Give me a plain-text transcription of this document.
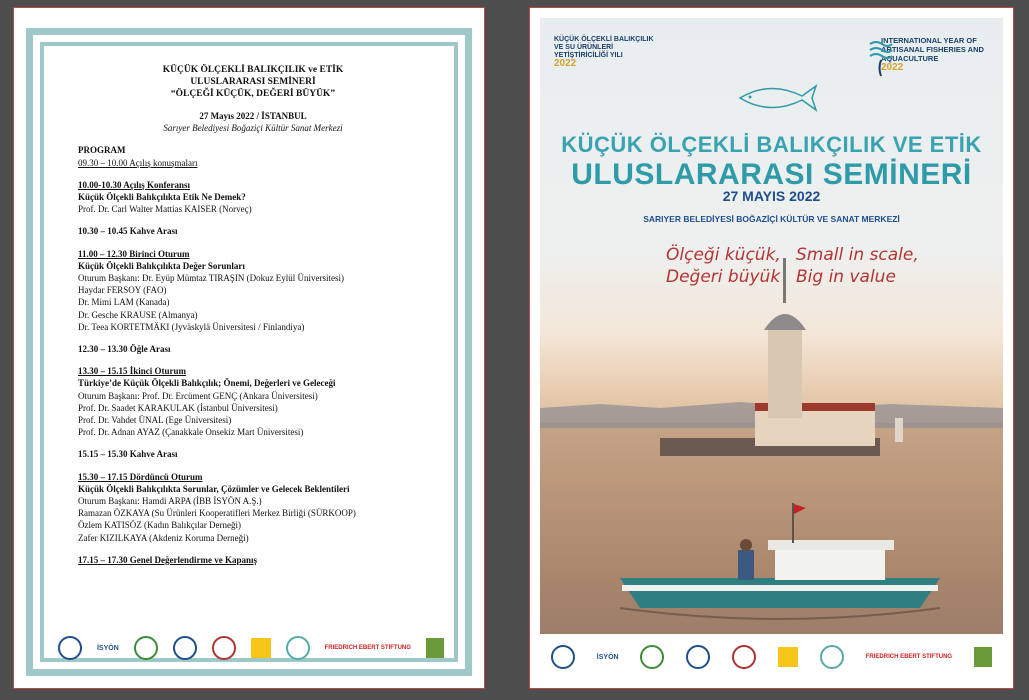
KÜÇÜK ÖLÇEKLİ BALIKÇILIK ve ETİK
ULUSLARARASI SEMİNERİ
“ÖLÇEĞİ KÜÇÜK, DEĞERİ BÜYÜK”
27 Mayıs 2022 / İSTANBUL
Sarıyer Belediyesi Boğaziçi Kültür Sanat Merkezi
PROGRAM
09.30 – 10.00 Açılış konuşmaları
10.00-10.30 Açılış Konferansı
Küçük Ölçekli Balıkçılıkta Etik Ne Demek?
Prof. Dr. Carl Walter Mattias KAISER (Norveç)
10.30 – 10.45 Kahve Arası
11.00 – 12.30 Birinci Oturum
Küçük Ölçekli Balıkçılıkta Değer Sorunları
Oturum Başkanı: Dr. Eyüp Mümtaz TIRAŞIN (Dokuz Eylül Üniversitesi)
Haydar FERSOY (FAO)
Dr. Mimi LAM (Kanada)
Dr. Gesche KRAUSE (Almanya)
Dr. Teea KORTETMÄKI (Jyväskylä Üniversitesi / Finlandiya)
12.30 – 13.30 Öğle Arası
13.30 – 15.15 İkinci Oturum
Türkiye’de Küçük Ölçekli Balıkçılık; Önemi, Değerleri ve Geleceği
Oturum Başkanı: Prof. Dr. Ercüment GENÇ (Ankara Üniversitesi)
Prof. Dr. Saadet KARAKULAK (İstanbul Üniversitesi)
Prof. Dr. Vahdet ÜNAL (Ege Üniversitesi)
Prof. Dr. Adnan AYAZ (Çanakkale Onsekiz Mart Üniversitesi)
15.15 – 15.30 Kahve Arası
15.30 – 17.15 Dördüncü Oturum
Küçük Ölçekli Balıkçılıkta Sorunlar, Çözümler ve Gelecek Beklentileri
Oturum Başkanı: Hamdi ARPA (İBB İSYÖN A.Ş.)
Ramazan ÖZKAYA (Su Ürünleri Kooperatifleri Merkez Birliği (SÜRKOOP)
Özlem KATISÖZ (Kadın Balıkçılar Derneği)
Zafer KIZILKAYA (Akdeniz Koruma Derneği)
17.15 – 17.30 Genel Değerlendirme ve Kapanış
İSYÖN	FRIEDRICH EBERT STIFTUNG
KÜÇÜK ÖLÇEKLİ BALIKÇILIK VE SU ÜRÜNLERİ YETİŞTİRİCİLİĞİ YILI
2022
INTERNATIONAL YEAR OF ARTISANAL FISHERIES AND AQUACULTURE
2022
KÜÇÜK ÖLÇEKLİ BALIKÇILIK VE ETİK
ULUSLARARASI SEMİNERİ
27 MAYIS 2022
SARIYER BELEDİYESİ BOĞAZİÇİ KÜLTÜR VE SANAT MERKEZİ
Ölçeği küçük,
Değeri büyük
Small in scale,
Big in value
İSYÖN	FRIEDRICH EBERT STIFTUNG
